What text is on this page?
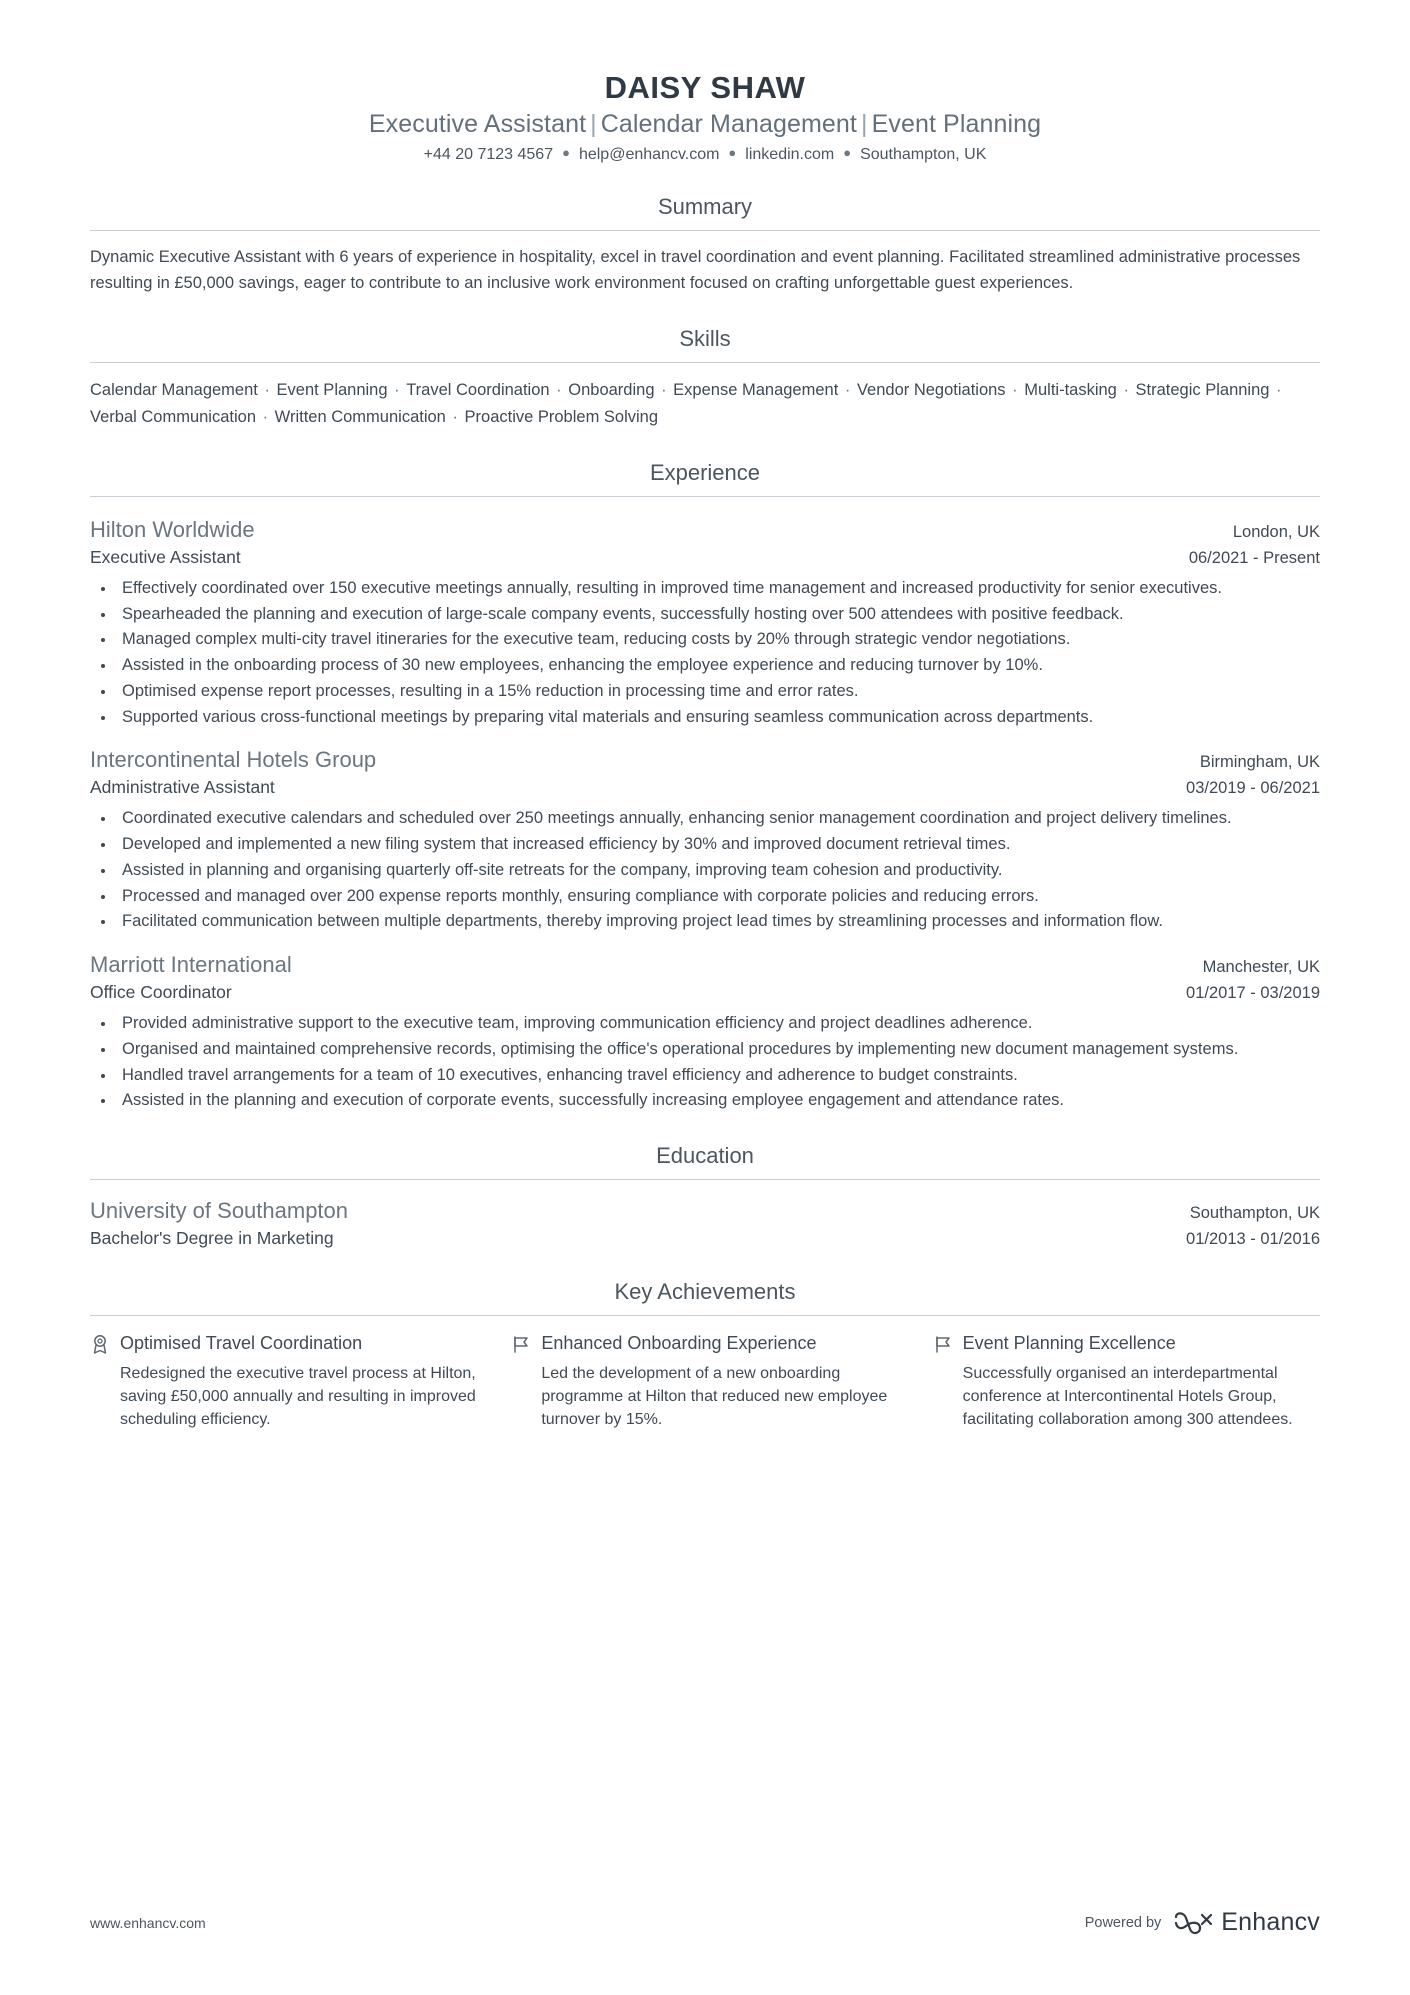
DAISY SHAW
Executive Assistant | Calendar Management | Event Planning
+44 20 7123 4567 ● help@enhancv.com ● linkedin.com ● Southampton, UK
Summary
Dynamic Executive Assistant with 6 years of experience in hospitality, excel in travel coordination and event planning. Facilitated streamlined administrative processes resulting in £50,000 savings, eager to contribute to an inclusive work environment focused on crafting unforgettable guest experiences.
Skills
Calendar Management · Event Planning · Travel Coordination · Onboarding · Expense Management · Vendor Negotiations · Multi-tasking · Strategic Planning · Verbal Communication · Written Communication · Proactive Problem Solving
Experience
Hilton Worldwide	London, UK
Executive Assistant	06/2021 - Present
• Effectively coordinated over 150 executive meetings annually, resulting in improved time management and increased productivity for senior executives.
• Spearheaded the planning and execution of large-scale company events, successfully hosting over 500 attendees with positive feedback.
• Managed complex multi-city travel itineraries for the executive team, reducing costs by 20% through strategic vendor negotiations.
• Assisted in the onboarding process of 30 new employees, enhancing the employee experience and reducing turnover by 10%.
• Optimised expense report processes, resulting in a 15% reduction in processing time and error rates.
• Supported various cross-functional meetings by preparing vital materials and ensuring seamless communication across departments.
Intercontinental Hotels Group	Birmingham, UK
Administrative Assistant	03/2019 - 06/2021
• Coordinated executive calendars and scheduled over 250 meetings annually, enhancing senior management coordination and project delivery timelines.
• Developed and implemented a new filing system that increased efficiency by 30% and improved document retrieval times.
• Assisted in planning and organising quarterly off-site retreats for the company, improving team cohesion and productivity.
• Processed and managed over 200 expense reports monthly, ensuring compliance with corporate policies and reducing errors.
• Facilitated communication between multiple departments, thereby improving project lead times by streamlining processes and information flow.
Marriott International	Manchester, UK
Office Coordinator	01/2017 - 03/2019
• Provided administrative support to the executive team, improving communication efficiency and project deadlines adherence.
• Organised and maintained comprehensive records, optimising the office's operational procedures by implementing new document management systems.
• Handled travel arrangements for a team of 10 executives, enhancing travel efficiency and adherence to budget constraints.
• Assisted in the planning and execution of corporate events, successfully increasing employee engagement and attendance rates.
Education
University of Southampton	Southampton, UK
Bachelor's Degree in Marketing	01/2013 - 01/2016
Key Achievements
Optimised Travel Coordination
Redesigned the executive travel process at Hilton, saving £50,000 annually and resulting in improved scheduling efficiency.
Enhanced Onboarding Experience
Led the development of a new onboarding programme at Hilton that reduced new employee turnover by 15%.
Event Planning Excellence
Successfully organised an interdepartmental conference at Intercontinental Hotels Group, facilitating collaboration among 300 attendees.
www.enhancv.com	Powered by Enhancv
